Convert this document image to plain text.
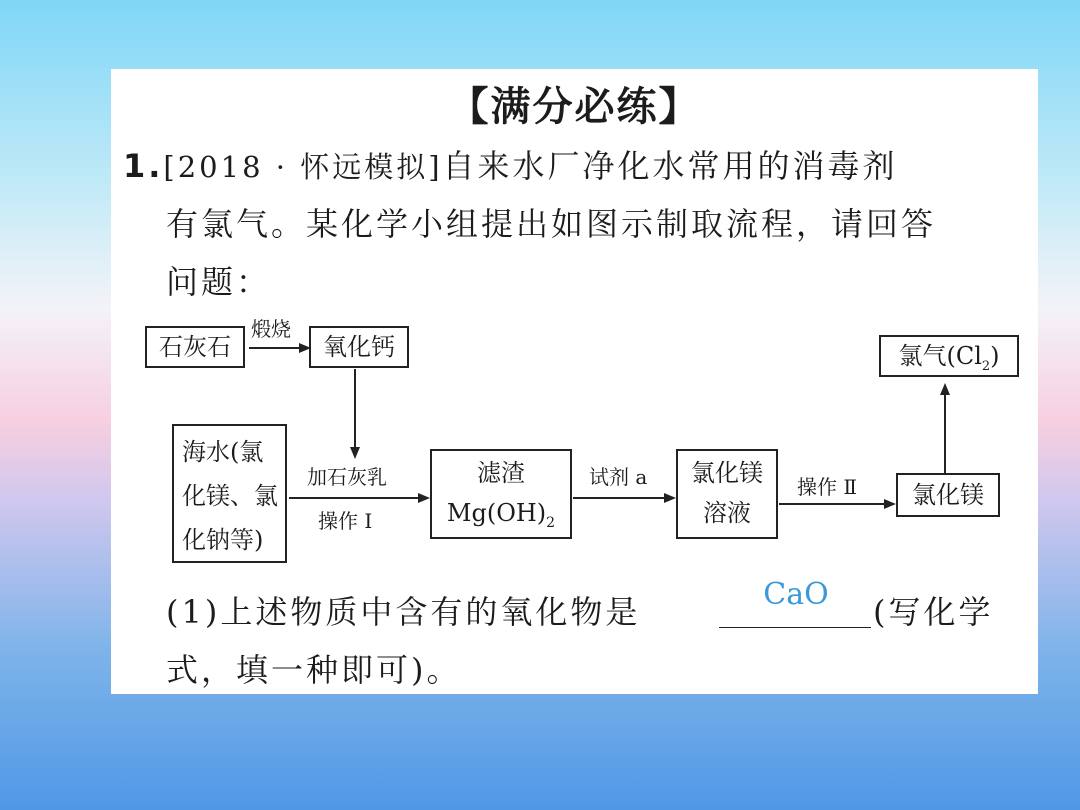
【满分必练】
1.[2018 · 怀远模拟]自来水厂净化水常用的消毒剂
有氯气。某化学小组提出如图示制取流程，请回答
问题：
石灰石
煅烧
氧化钙
海水(氯
化镁、氯
化钠等)
加石灰乳
操作 Ⅰ
滤渣
$Mg(OH)_2$
试剂 a	氯化镁
溶液
操作 Ⅱ	氯化镁
氯气$(Cl_2)$
(1)上述物质中含有的氧化物是	CaO	(写化学
式，填一种即可)。
